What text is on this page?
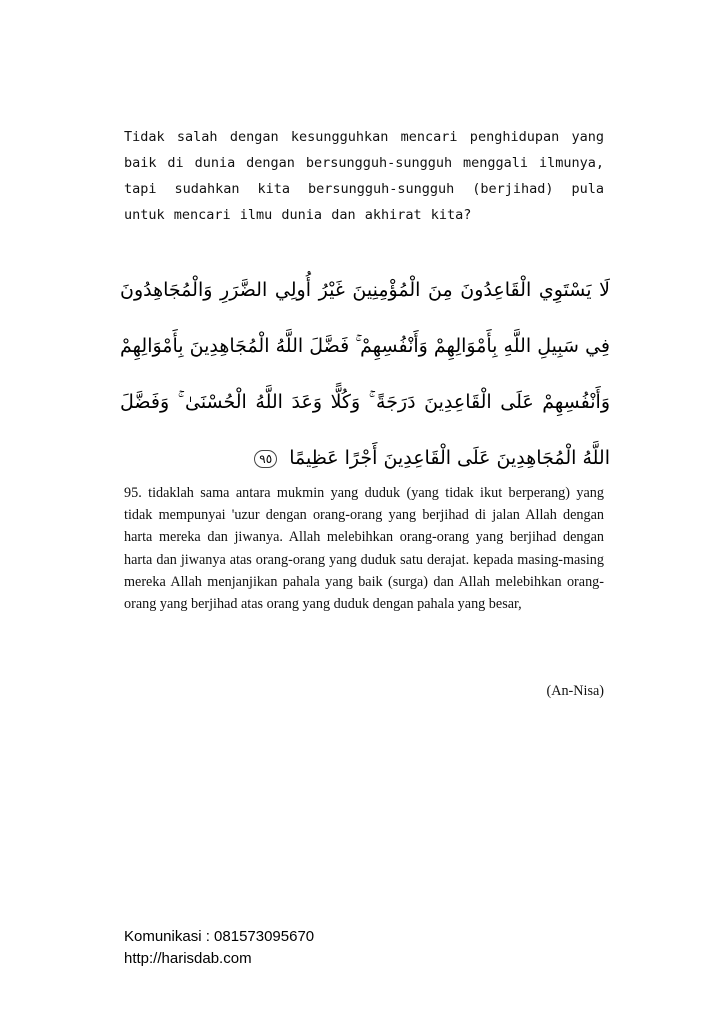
Tidak salah dengan kesungguhkan mencari penghidupan yang baik di dunia dengan bersungguh-sungguh menggali ilmunya, tapi sudahkan kita bersungguh-sungguh (berjihad) pula untuk mencari ilmu dunia dan akhirat kita?
لَا يَسْتَوِي الْقَاعِدُونَ مِنَ الْمُؤْمِنِينَ غَيْرُ أُولِي الضَّرَرِ وَالْمُجَاهِدُونَ فِي سَبِيلِ اللَّهِ بِأَمْوَالِهِمْ وَأَنْفُسِهِمْ ۚ فَضَّلَ اللَّهُ الْمُجَاهِدِينَ بِأَمْوَالِهِمْ وَأَنْفُسِهِمْ عَلَى الْقَاعِدِينَ دَرَجَةً ۚ وَكُلًّا وَعَدَ اللَّهُ الْحُسْنَىٰ ۚ وَفَضَّلَ اللَّهُ الْمُجَاهِدِينَ عَلَى الْقَاعِدِينَ أَجْرًا عَظِيمًا ٩٥
95. tidaklah sama antara mukmin yang duduk (yang tidak ikut berperang) yang tidak mempunyai 'uzur dengan orang-orang yang berjihad di jalan Allah dengan harta mereka dan jiwanya. Allah melebihkan orang-orang yang berjihad dengan harta dan jiwanya atas orang-orang yang duduk satu derajat. kepada masing-masing mereka Allah menjanjikan pahala yang baik (surga) dan Allah melebihkan orang-orang yang berjihad atas orang yang duduk dengan pahala yang besar,
(An-Nisa)
Komunikasi : 081573095670
http://harisdab.com
